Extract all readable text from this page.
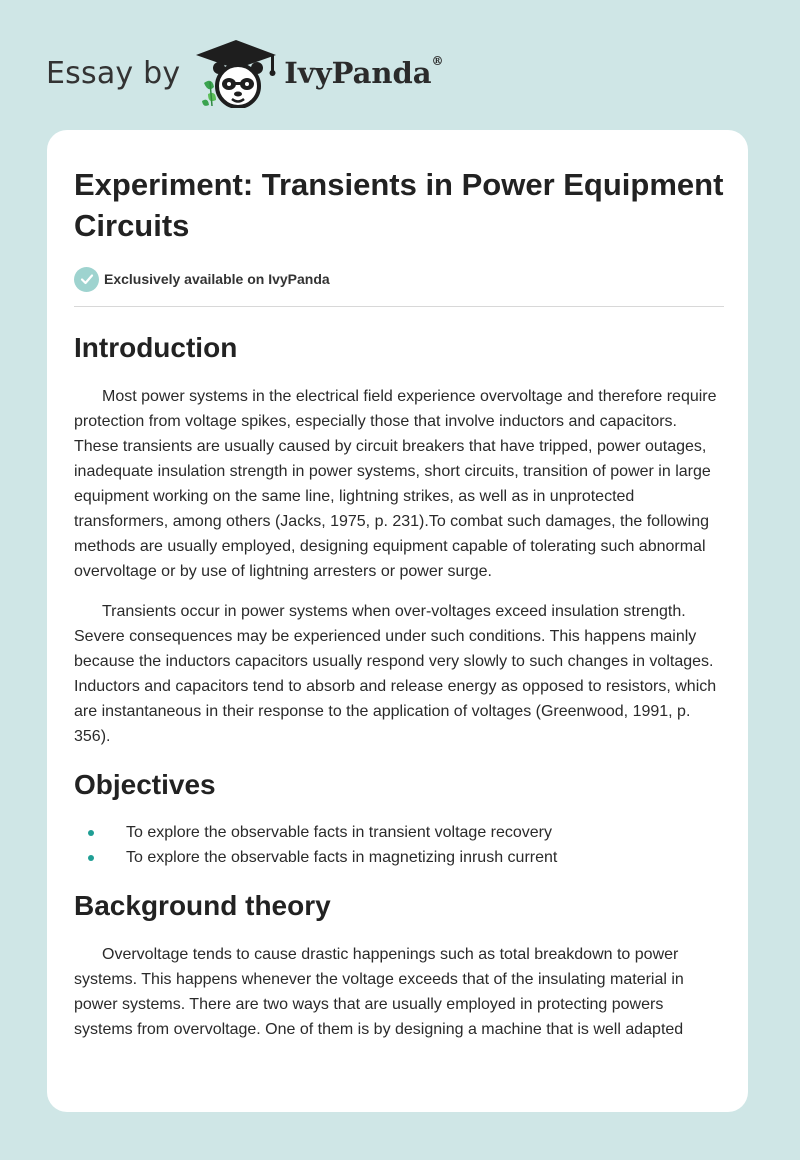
Essay by	IvyPanda®
Experiment: Transients in Power Equipment Circuits
Exclusively available on IvyPanda
Introduction

Most power systems in the electrical field experience overvoltage and therefore require protection from voltage spikes, especially those that involve inductors and capacitors. These transients are usually caused by circuit breakers that have tripped, power outages, inadequate insulation strength in power systems, short circuits, transition of power in large equipment working on the same line, lightning strikes, as well as in unprotected transformers, among others (Jacks, 1975, p. 231).To combat such damages, the following methods are usually employed, designing equipment capable of tolerating such abnormal overvoltage or by use of lightning arresters or power surge.

Transients occur in power systems when over-voltages exceed insulation strength. Severe consequences may be experienced under such conditions. This happens mainly because the inductors capacitors usually respond very slowly to such changes in voltages. Inductors and capacitors tend to absorb and release energy as opposed to resistors, which are instantaneous in their response to the application of voltages (Greenwood, 1991, p. 356).

Objectives
To explore the observable facts in transient voltage recovery
To explore the observable facts in magnetizing inrush current
Background theory

Overvoltage tends to cause drastic happenings such as total breakdown to power systems. This happens whenever the voltage exceeds that of the insulating material in power systems. There are two ways that are usually employed in protecting powers systems from overvoltage. One of them is by designing a machine that is well adapted
